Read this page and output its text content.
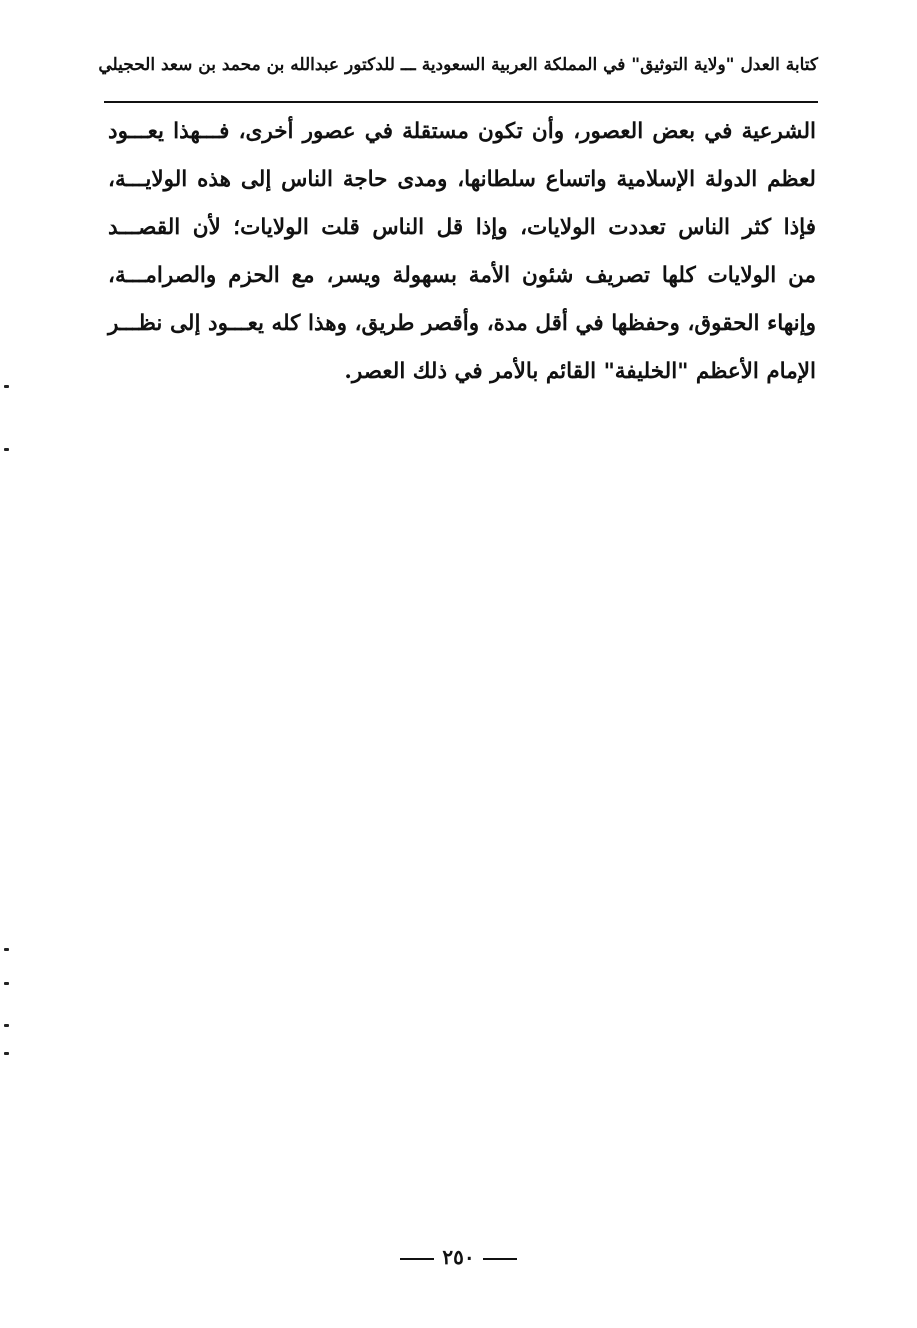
كتابة العدل "ولاية التوثيق" في المملكة العربية السعودية ـــ للدكتور عبدالله بن محمد بن سعد الحجيلي
الشرعية في بعض العصور، وأن تكون مستقلة في عصور أخرى، فـــهذا يعـــود
لعظم الدولة الإسلامية واتساع سلطانها، ومدى حاجة الناس إلى هذه الولايـــة،
فإذا كثر الناس تعددت الولايات، وإذا قل الناس قلت الولايات؛ لأن القصـــد
من الولايات كلها تصريف شئون الأمة بسهولة ويسر، مع الحزم والصرامـــة،
وإنهاء الحقوق، وحفظها في أقل مدة، وأقصر طريق، وهذا كله يعـــود إلى نظـــر
الإمام الأعظم "الخليفة" القائم بالأمر في ذلك العصر.
٢٥٠
